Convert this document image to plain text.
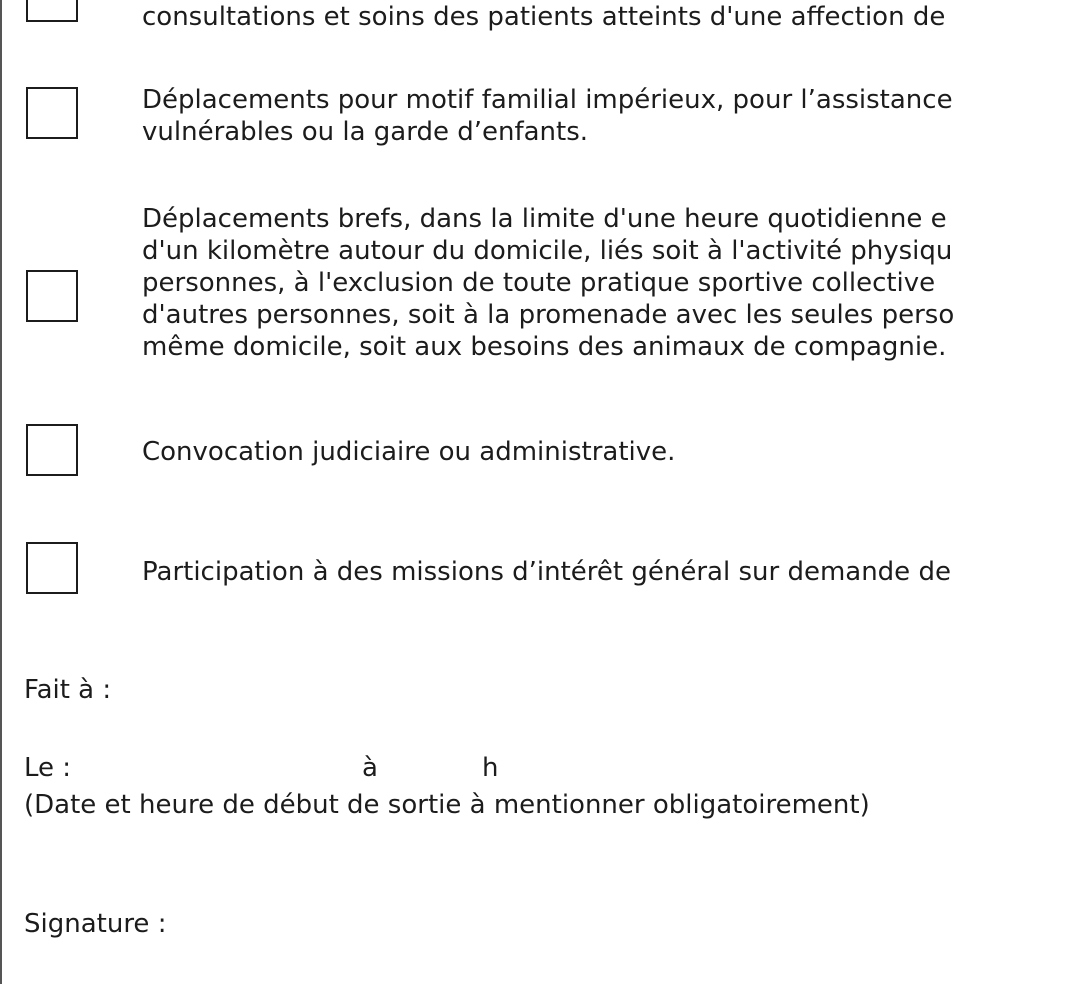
consultations et soins des patients atteints d'une affection de
Déplacements pour motif familial impérieux, pour l’assistance
vulnérables ou la garde d’enfants.
Déplacements brefs, dans la limite d'une heure quotidienne e
d'un kilomètre autour du domicile, liés soit à l'activité physiqu
personnes, à l'exclusion de toute pratique sportive collective
d'autres personnes, soit à la promenade avec les seules perso
même domicile, soit aux besoins des animaux de compagnie.
Convocation judiciaire ou administrative.
Participation à des missions d’intérêt général sur demande de
Fait à :
Le :	à	h
(Date et heure de début de sortie à mentionner obligatoirement)
Signature :
